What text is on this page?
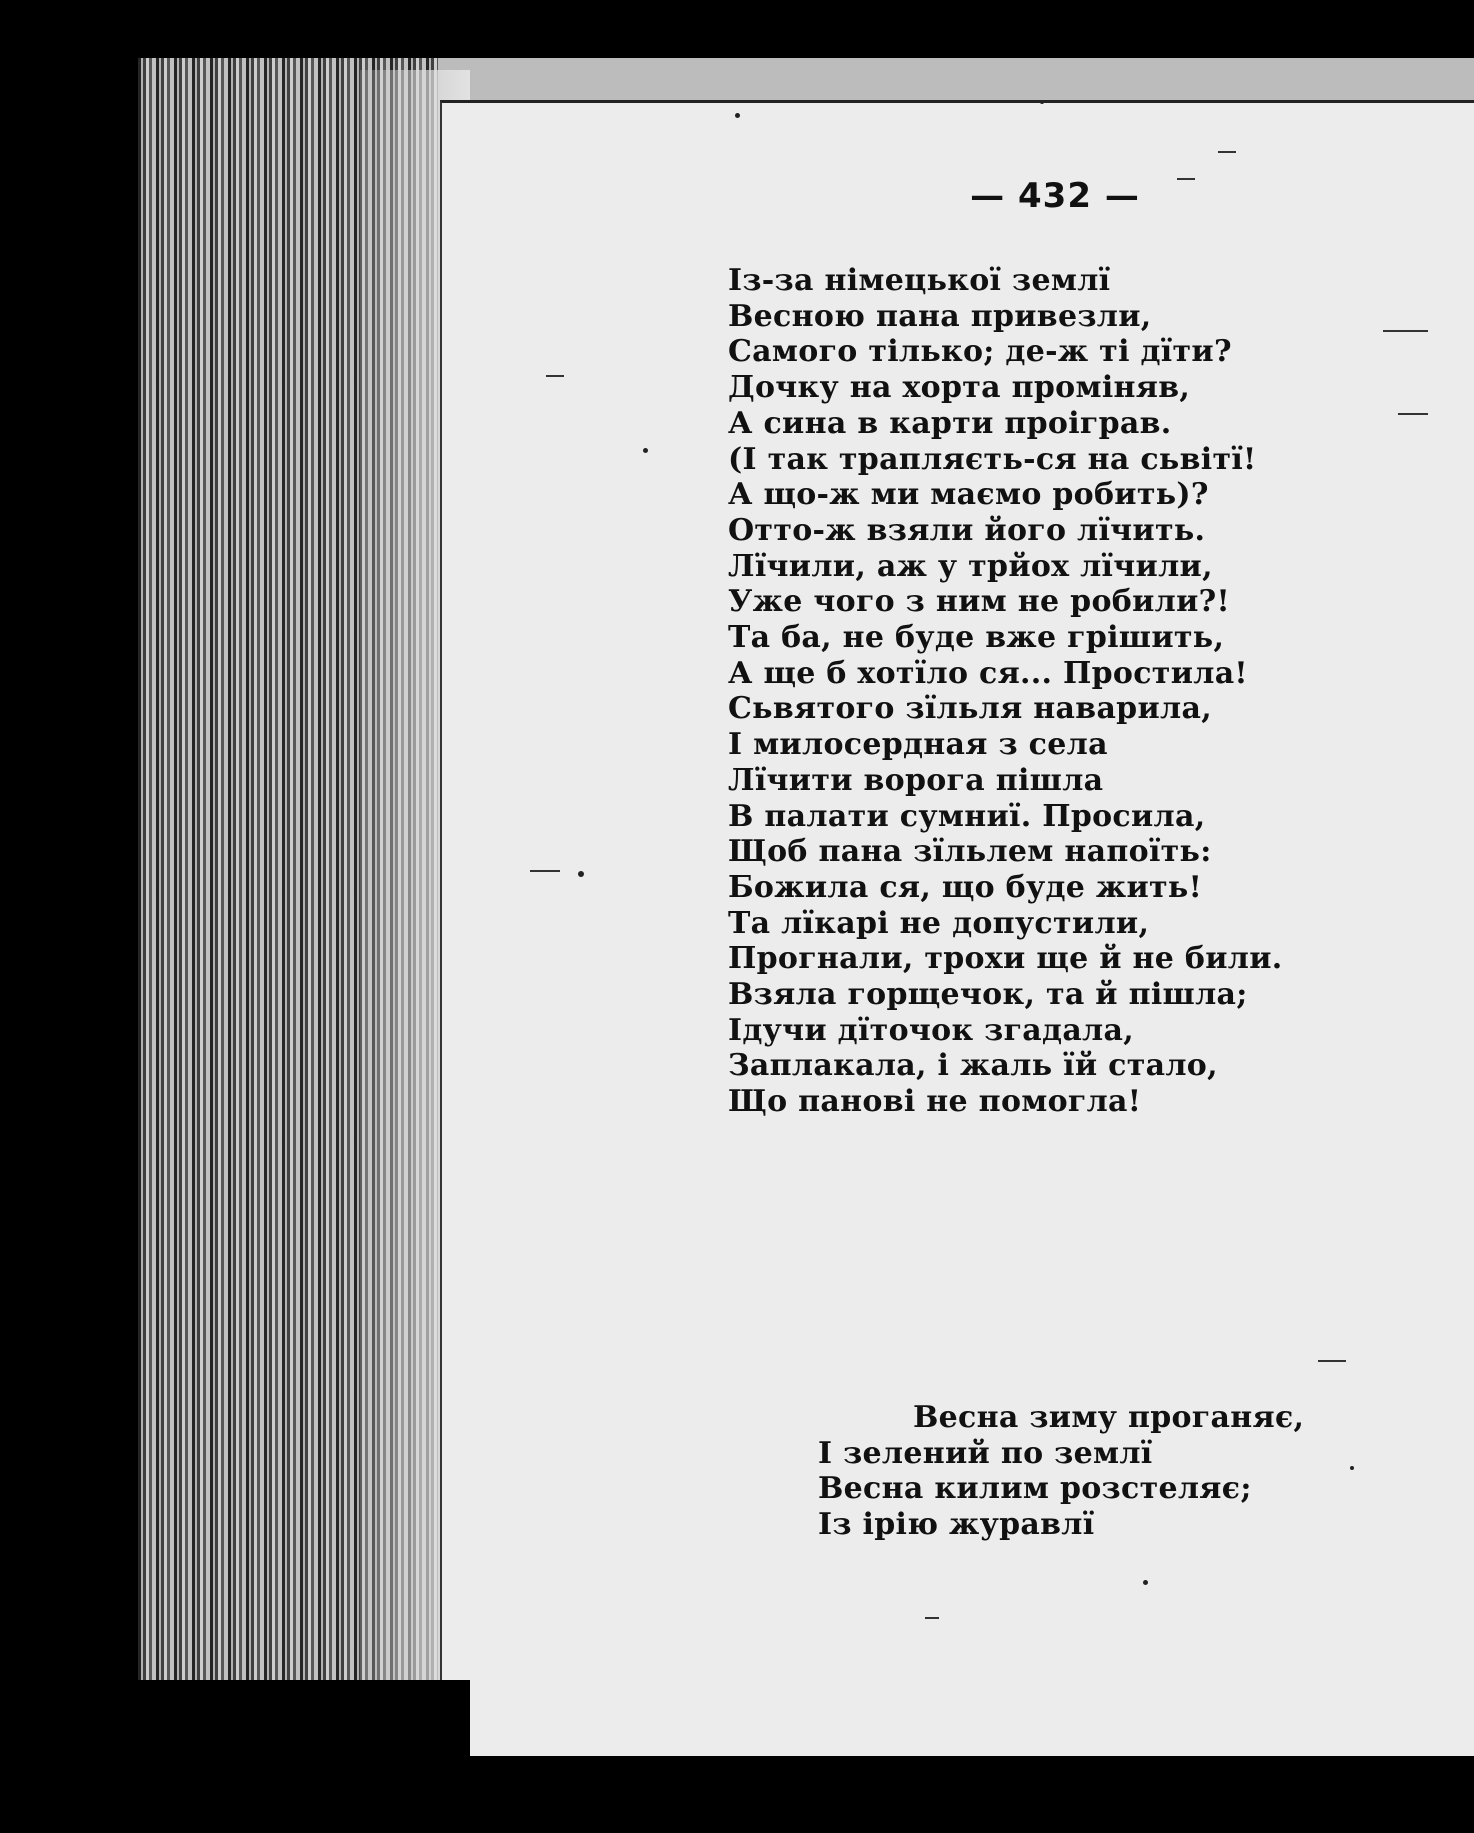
— 432 —
Із-за німецької землї
Весною пана привезли,
Самого тілько; де-ж ті дїти?
Дочку на хорта проміняв,
А сина в карти проіграв.
(І так трапляєть-ся на сьвітї!
А що-ж ми маємо робить)?
Отто-ж взяли його лїчить.
Лїчили, аж у трйох лїчили,
Уже чого з ним не робили?!
Та ба, не буде вже грішить,
А ще б хотїло ся... Простила!
Сьвятого зїльля наварила,
І милосердная з села
Лїчити ворога пішла
В палати сумниї. Просила,
Щоб пана зїльлем напоїть:
Божила ся, що буде жить!
Та лїкарі не допустили,
Прогнали, трохи ще й не били.
Взяла горщечок, та й пішла;
Ідучи дїточок згадала,
Заплакала, і жаль їй стало,
Що панові не помогла!
Весна зиму проганяє,
І зелений по землї
Весна килим розстеляє;
Із ірію журавлї
